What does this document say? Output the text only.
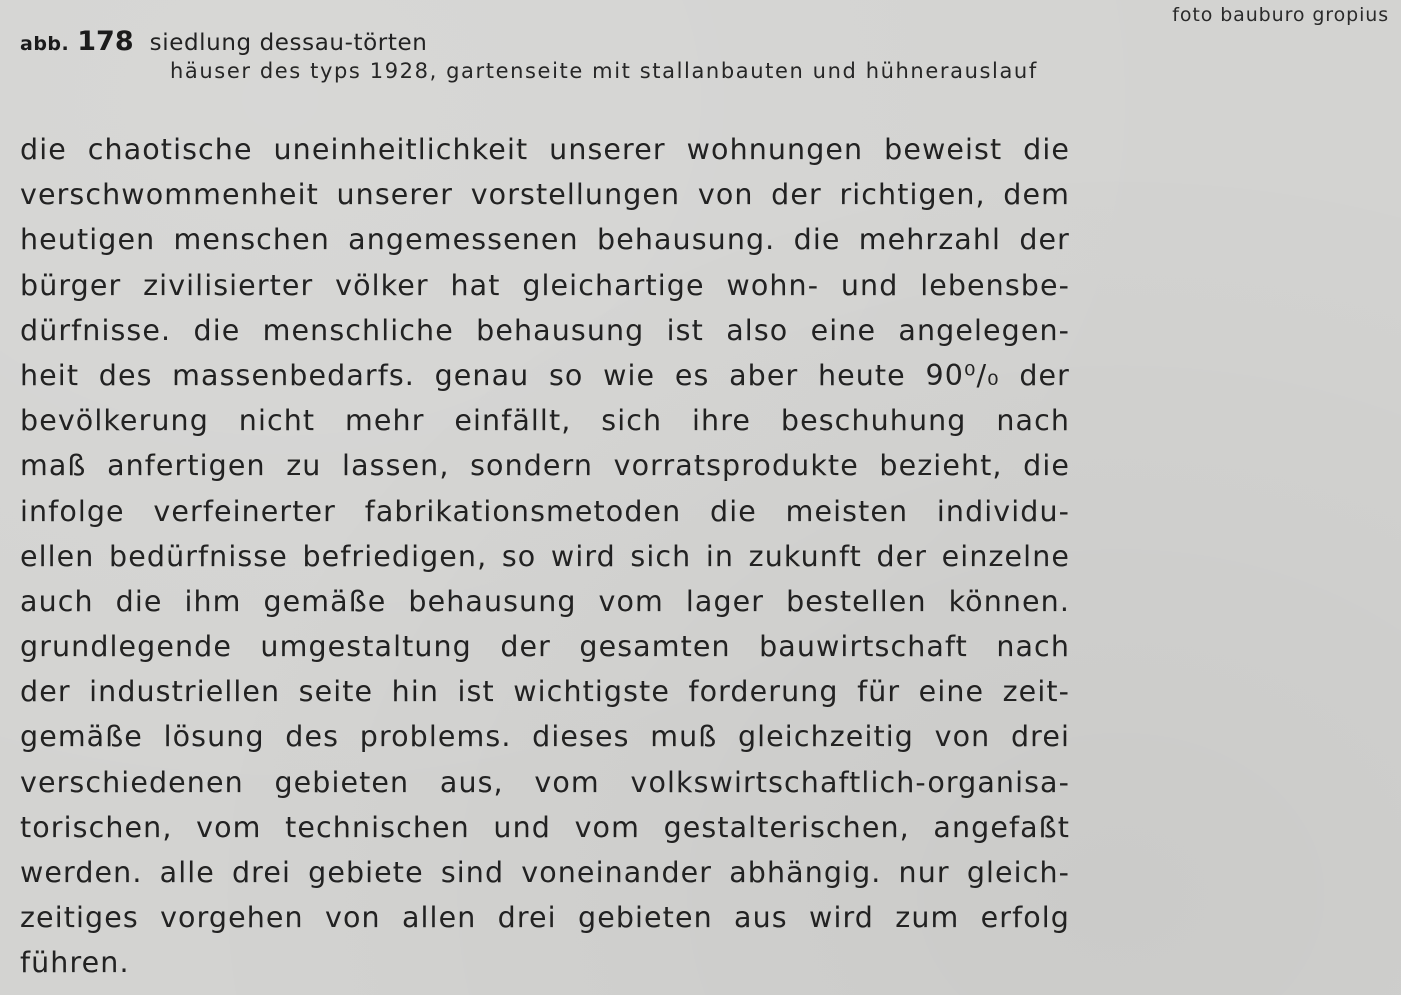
foto bauburo gropius
abb. 178 siedlung dessau-törten
häuser des typs 1928, gartenseite mit stallanbauten und hühnerauslauf
die chaotische uneinheitlichkeit unserer wohnungen beweist die
verschwommenheit unserer vorstellungen von der richtigen, dem
heutigen menschen angemessenen behausung. die mehrzahl der
bürger zivilisierter völker hat gleichartige wohn- und lebensbe-
dürfnisse. die menschliche behausung ist also eine angelegen-
heit des massenbedarfs. genau so wie es aber heute 90⁰/₀ der
bevölkerung nicht mehr einfällt, sich ihre beschuhung nach
maß anfertigen zu lassen, sondern vorratsprodukte bezieht, die
infolge verfeinerter fabrikationsmetoden die meisten individu-
ellen bedürfnisse befriedigen, so wird sich in zukunft der einzelne
auch die ihm gemäße behausung vom lager bestellen können.
grundlegende umgestaltung der gesamten bauwirtschaft nach
der industriellen seite hin ist wichtigste forderung für eine zeit-
gemäße lösung des problems. dieses muß gleichzeitig von drei
verschiedenen gebieten aus, vom volkswirtschaftlich-organisa-
torischen, vom technischen und vom gestalterischen, angefaßt
werden. alle drei gebiete sind voneinander abhängig. nur gleich-
zeitiges vorgehen von allen drei gebieten aus wird zum erfolg
führen.
